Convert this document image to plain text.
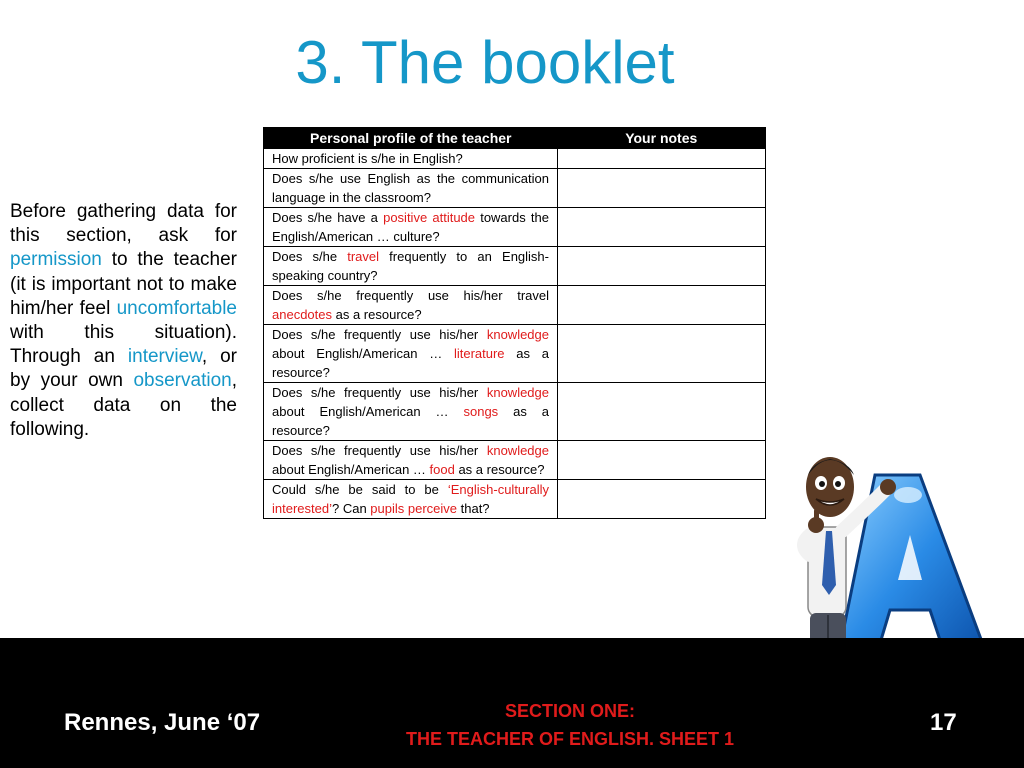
3. The booklet
Before gathering data for this section, ask for permission to the teacher (it is important not to make him/her feel uncomfortable with this situation). Through an interview, or by your own observation, collect data on the following.
Personal profile of the teacher	Your notes
How proficient is s/he in English?	
Does s/he use English as the communication language in the classroom?	
Does s/he have a positive attitude towards the English/American … culture?	
Does s/he travel frequently to an English-speaking country?	
Does s/he frequently use his/her travel anecdotes as a resource?	
Does s/he frequently use his/her knowledge about English/American … literature as a resource?	
Does s/he frequently use his/her knowledge about English/American … songs as a resource?	
Does s/he frequently use his/her knowledge about English/American … food as a resource?	
Could s/he be said to be ‘English-culturally interested’? Can pupils perceive that?	
Rennes, June ‘07	SECTION ONE:
THE TEACHER OF ENGLISH. SHEET 1
17
